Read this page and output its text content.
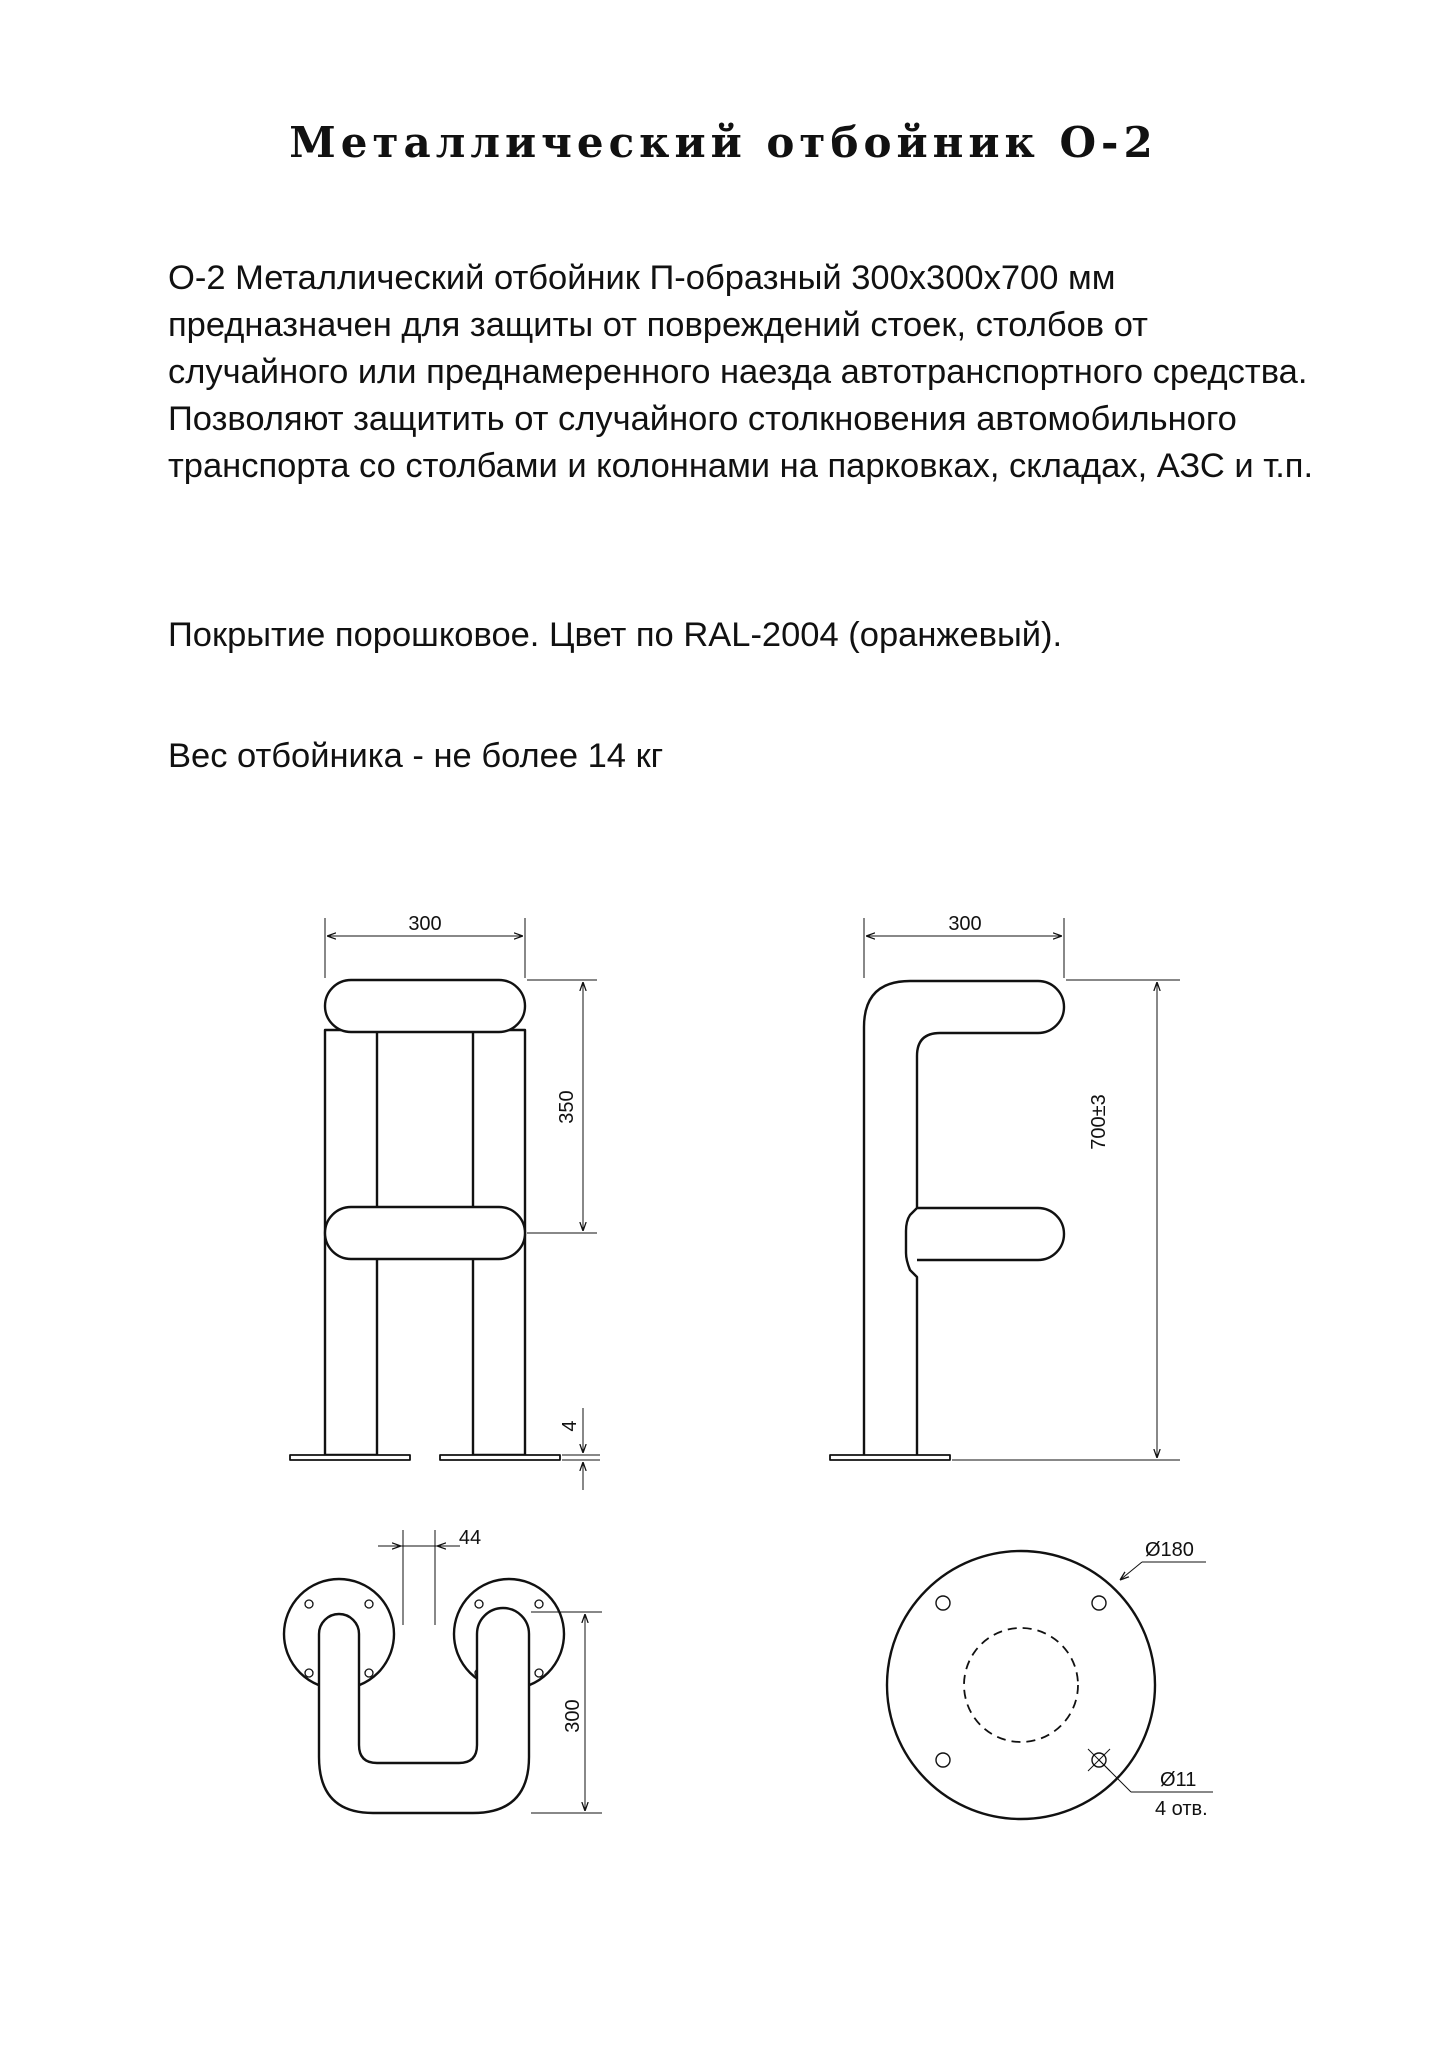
Металлический отбойник О-2

О-2 Металлический отбойник П-образный 300х300х700 мм предназначен для защиты от повреждений стоек, столбов от случайного или преднамеренного наезда автотранспортного средства. Позволяют защитить от случайного столкновения автомобильного транспорта со столбами и колоннами на парковках, складах, АЗС и т.п.

Покрытие порошковое. Цвет по RAL-2004 (оранжевый).

Вес отбойника - не более 14 кг

300
350
4
300
700±3
44
300
Ø180
Ø11
4 отв.
